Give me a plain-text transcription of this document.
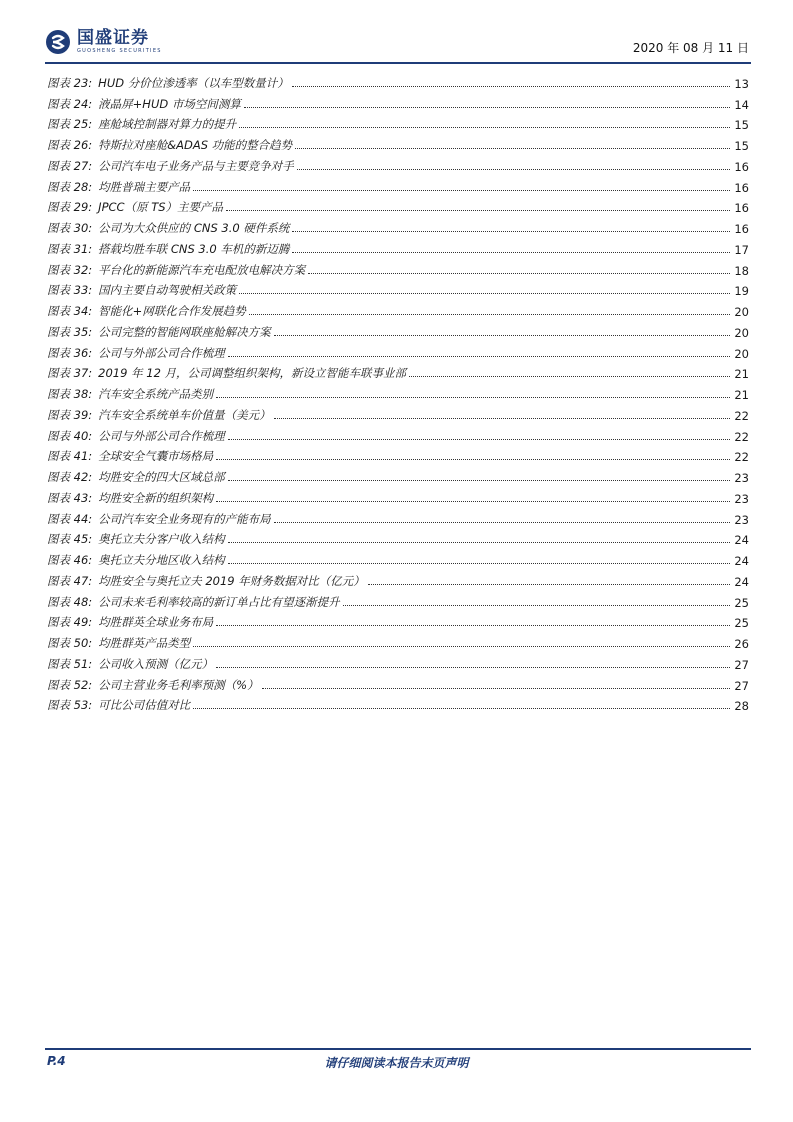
国盛证券
GUOSHENG SECURITIES	2020 年 08 月 11 日
图表 23: HUD 分价位渗透率（以车型数量计）	13
图表 24: 液晶屏+HUD 市场空间测算	14
图表 25: 座舱域控制器对算力的提升	15
图表 26: 特斯拉对座舱&ADAS 功能的整合趋势	15
图表 27: 公司汽车电子业务产品与主要竞争对手	16
图表 28: 均胜普瑞主要产品	16
图表 29: JPCC（原 TS）主要产品	16
图表 30: 公司为大众供应的 CNS 3.0 硬件系统	16
图表 31: 搭载均胜车联 CNS 3.0 车机的新迈腾	17
图表 32: 平台化的新能源汽车充电配放电解决方案	18
图表 33: 国内主要自动驾驶相关政策	19
图表 34: 智能化+网联化合作发展趋势	20
图表 35: 公司完整的智能网联座舱解决方案	20
图表 36: 公司与外部公司合作梳理	20
图表 37: 2019 年 12 月，公司调整组织架构，新设立智能车联事业部	21
图表 38: 汽车安全系统产品类别	21
图表 39: 汽车安全系统单车价值量（美元）	22
图表 40: 公司与外部公司合作梳理	22
图表 41: 全球安全气囊市场格局	22
图表 42: 均胜安全的四大区域总部	23
图表 43: 均胜安全新的组织架构	23
图表 44: 公司汽车安全业务现有的产能布局	23
图表 45: 奥托立夫分客户收入结构	24
图表 46: 奥托立夫分地区收入结构	24
图表 47: 均胜安全与奥托立夫 2019 年财务数据对比（亿元）	24
图表 48: 公司未来毛利率较高的新订单占比有望逐渐提升	25
图表 49: 均胜群英全球业务布局	25
图表 50: 均胜群英产品类型	26
图表 51: 公司收入预测（亿元）	27
图表 52: 公司主营业务毛利率预测（%）	27
图表 53: 可比公司估值对比	28
P.4	请仔细阅读本报告末页声明
